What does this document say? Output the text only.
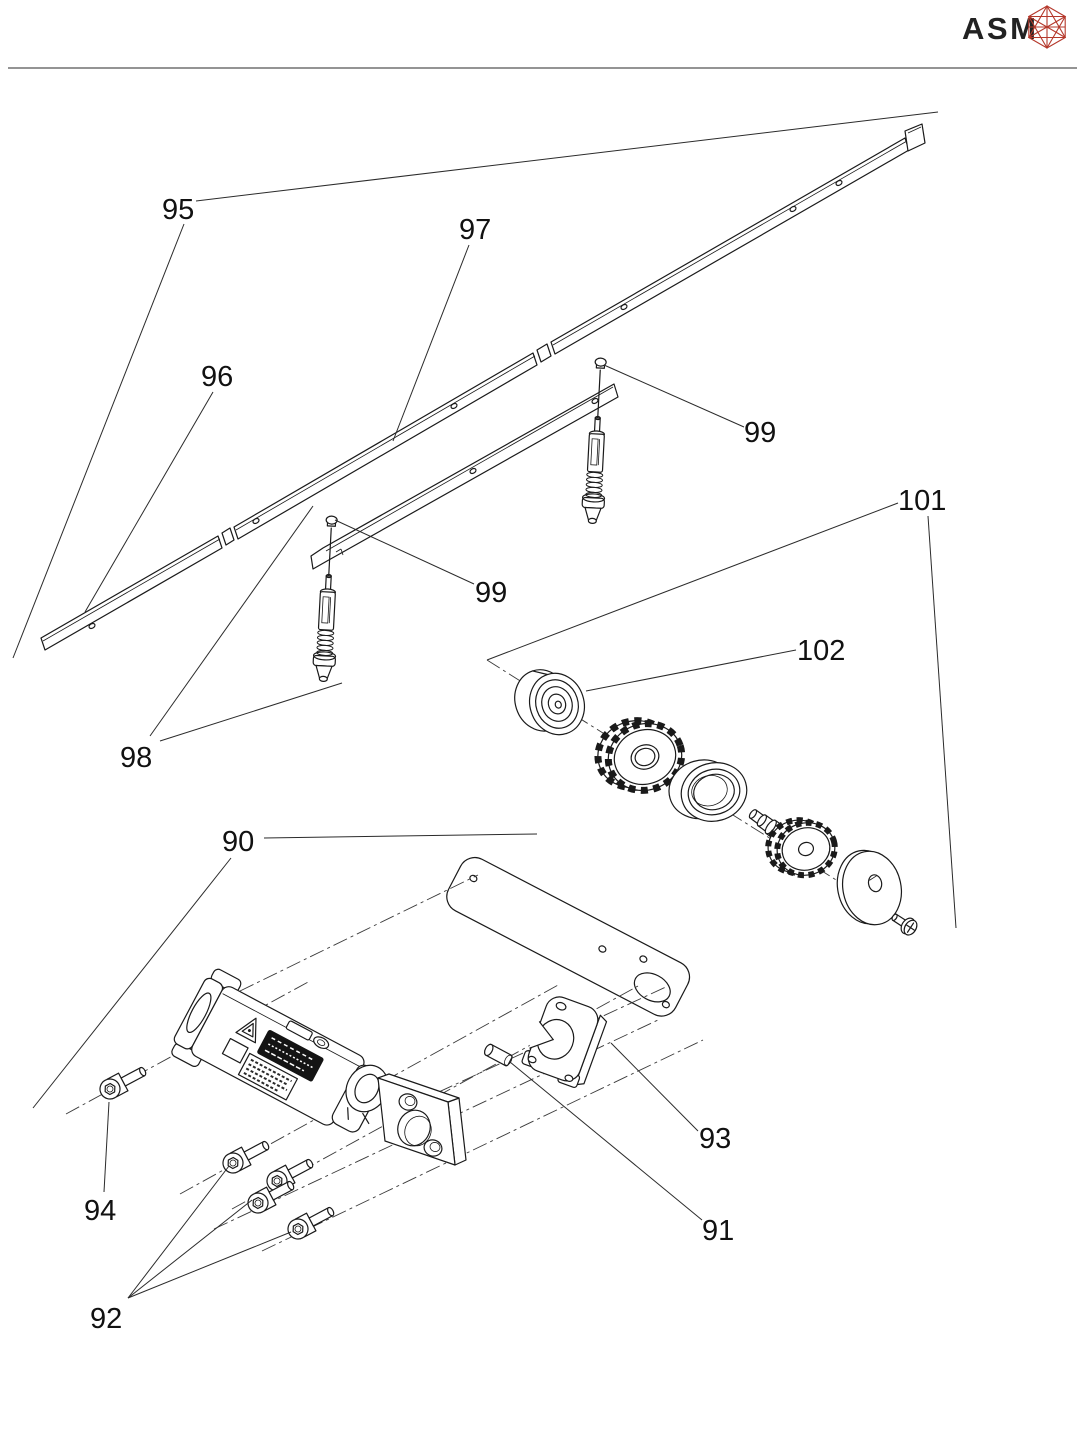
ASM
90
91
92
93
94
95
96
97
98
99
99
101
102
